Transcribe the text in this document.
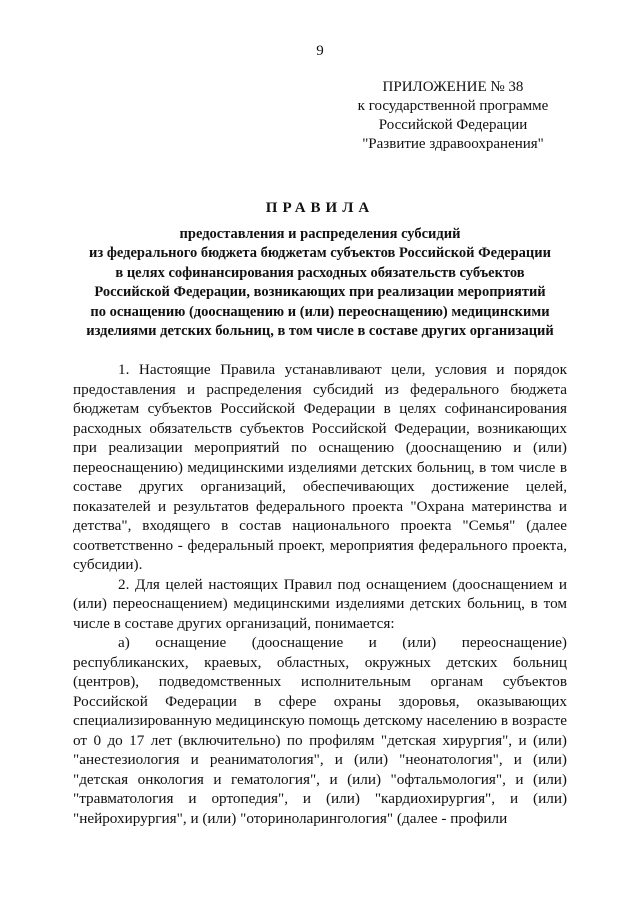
9
ПРИЛОЖЕНИЕ № 38
к государственной программе
Российской Федерации
"Развитие здравоохранения"
ПРАВИЛА
предоставления и распределения субсидий
из федерального бюджета бюджетам субъектов Российской Федерации
в целях софинансирования расходных обязательств субъектов
Российской Федерации, возникающих при реализации мероприятий
по оснащению (дооснащению и (или) переоснащению) медицинскими
изделиями детских больниц, в том числе в составе других организаций

1. Настоящие Правила устанавливают цели, условия и порядок предоставления и распределения субсидий из федерального бюджета бюджетам субъектов Российской Федерации в целях софинансирования расходных обязательств субъектов Российской Федерации, возникающих при реализации мероприятий по оснащению (дооснащению и (или) переоснащению) медицинскими изделиями детских больниц, в том числе в составе других организаций, обеспечивающих достижение целей, показателей и результатов федерального проекта "Охрана материнства и детства", входящего в состав национального проекта "Семья" (далее соответственно - федеральный проект, мероприятия федерального проекта, субсидии).

2. Для целей настоящих Правил под оснащением (дооснащением и (или) переоснащением) медицинскими изделиями детских больниц, в том числе в составе других организаций, понимается:

а) оснащение (дооснащение и (или) переоснащение) республиканских, краевых, областных, окружных детских больниц (центров), подведомственных исполнительным органам субъектов Российской Федерации в сфере охраны здоровья, оказывающих специализированную медицинскую помощь детскому населению в возрасте от 0 до 17 лет (включительно) по профилям "детская хирургия", и (или) "анестезиология и реаниматология", и (или) "неонатология", и (или) "детская онкология и гематология", и (или) "офтальмология", и (или) "травматология и ортопедия", и (или) "кардиохирургия", и (или) "нейрохирургия", и (или) "оториноларингология" (далее - профили
